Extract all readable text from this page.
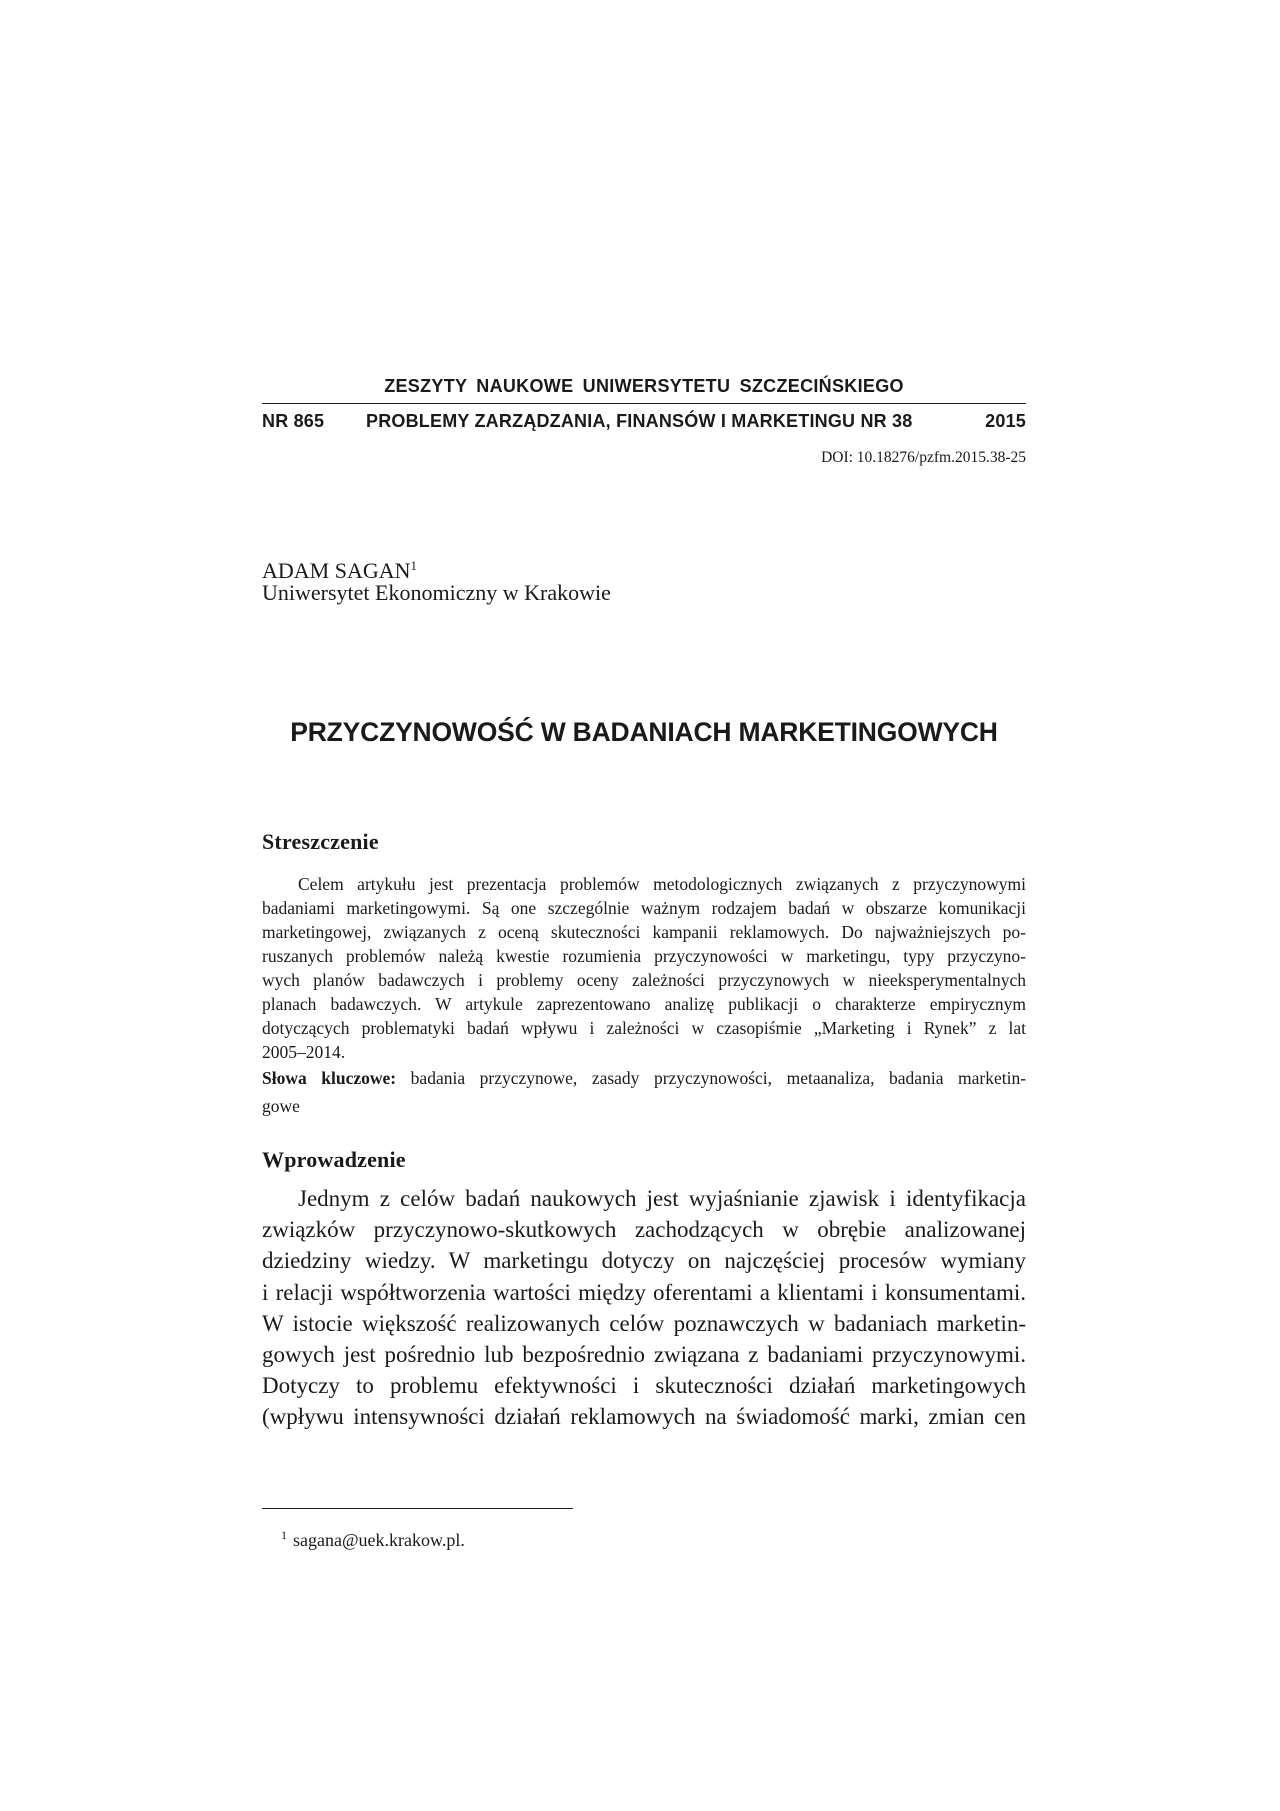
ZESZYTY NAUKOWE UNIWERSYTETU SZCZECIŃSKIEGO
NR 865 PROBLEMY ZARZĄDZANIA, FINANSÓW I MARKETINGU NR 38	2015
DOI: 10.18276/pzfm.2015.38-25
ADAM SAGAN$^1$
Uniwersytet Ekonomiczny w Krakowie
PRZYCZYNOWOŚĆ W BADANIACH MARKETINGOWYCH
Streszczenie
Celem artykułu jest prezentacja problemów metodologicznych związanych z przyczynowymi
badaniami marketingowymi. Są one szczególnie ważnym rodzajem badań w obszarze komunikacji
marketingowej, związanych z oceną skuteczności kampanii reklamowych. Do najważniejszych po-
ruszanych problemów należą kwestie rozumienia przyczynowości w marketingu, typy przyczyno-
wych planów badawczych i problemy oceny zależności przyczynowych w nieeksperymentalnych
planach badawczych. W artykule zaprezentowano analizę publikacji o charakterze empirycznym
dotyczących problematyki badań wpływu i zależności w czasopiśmie „Marketing i Rynek” z lat
2005–2014.
Słowa kluczowe: badania przyczynowe, zasady przyczynowości, metaanaliza, badania marketin-
gowe
Wprowadzenie
Jednym z celów badań naukowych jest wyjaśnianie zjawisk i identyfikacja
związków przyczynowo-skutkowych zachodzących w obrębie analizowanej
dziedziny wiedzy. W marketingu dotyczy on najczęściej procesów wymiany
i relacji współtworzenia wartości między oferentami a klientami i konsumentami.
W istocie większość realizowanych celów poznawczych w badaniach marketin-
gowych jest pośrednio lub bezpośrednio związana z badaniami przyczynowymi.
Dotyczy to problemu efektywności i skuteczności działań marketingowych
(wpływu intensywności działań reklamowych na świadomość marki, zmian cen
$^1$ sagana@uek.krakow.pl.
